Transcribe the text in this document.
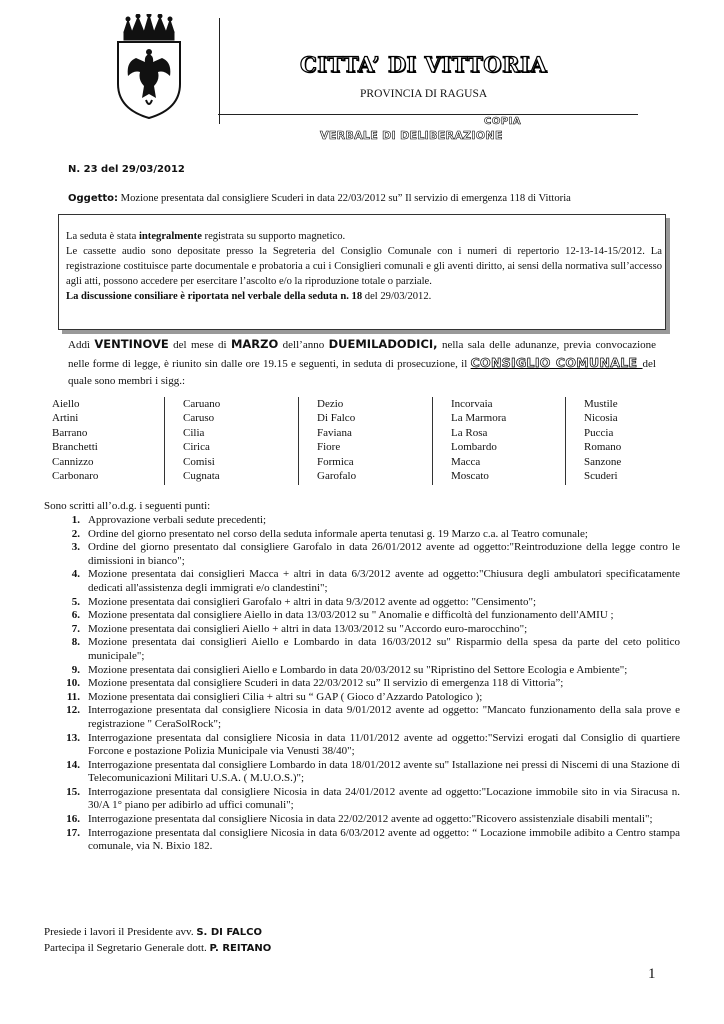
CITTA’ DI VITTORIA
PROVINCIA DI RAGUSA
COPIA
VERBALE DI DELIBERAZIONE
N. 23 del 29/03/2012
Oggetto: Mozione presentata dal consigliere Scuderi in data 22/03/2012 su” Il servizio di emergenza 118 di Vittoria
La seduta è stata integralmente registrata su supporto magnetico.
Le cassette audio sono depositate presso la Segreteria del Consiglio Comunale con i numeri di repertorio 12-13-14-15/2012. La registrazione costituisce parte documentale e probatoria a cui i Consiglieri comunali e gli aventi diritto, ai sensi della normativa sull’accesso agli atti, possono accedere per esercitare l’ascolto e/o la riproduzione totale o parziale.
La discussione consiliare è riportata nel verbale della seduta n. 18 del 29/03/2012.
Addì VENTINOVE del mese di MARZO dell’anno DUEMILADODICI, nella sala delle adunanze, previa convocazione nelle forme di legge, è riunito sin dalle ore 19.15 e seguenti, in seduta di prosecuzione, il CONSIGLIO COMUNALE del quale sono membri i sigg.:
Aiello
Artini
Barrano
Branchetti
Cannizzo
Carbonaro
Caruano
Caruso
Cilia
Cirica
Comisi
Cugnata
Dezio
Di Falco
Faviana
Fiore
Formica
Garofalo
Incorvaia
La Marmora
La Rosa
Lombardo
Macca
Moscato
Mustile
Nicosia
Puccia
Romano
Sanzone
Scuderi
Sono scritti all’o.d.g. i seguenti punti:
1. Approvazione verbali sedute precedenti;
2. Ordine del giorno presentato nel corso della seduta informale aperta tenutasi g. 19 Marzo c.a. al Teatro comunale;
3. Ordine del giorno presentato dal consigliere Garofalo in data 26/01/2012 avente ad oggetto:"Reintroduzione della legge contro le dimissioni in bianco";
4. Mozione presentata dai consiglieri Macca + altri in data 6/3/2012 avente ad oggetto:"Chiusura degli ambulatori specificatamente dedicati all'assistenza degli immigrati e/o clandestini";
5. Mozione presentata dai consiglieri Garofalo + altri in data 9/3/2012 avente ad oggetto: "Censimento";
6. Mozione presentata dal consigliere Aiello in data 13/03/2012 su " Anomalie e difficoltà del funzionamento dell'AMIU ;
7. Mozione presentata dai consiglieri Aiello + altri in data 13/03/2012 su "Accordo euro-marocchino";
8. Mozione presentata dai consiglieri Aiello e Lombardo in data 16/03/2012 su" Risparmio della spesa da parte del ceto politico municipale";
9. Mozione presentata dai consiglieri Aiello e Lombardo in data 20/03/2012 su "Ripristino del Settore Ecologia e Ambiente";
10. Mozione presentata dal consigliere Scuderi in data 22/03/2012 su” Il servizio di emergenza 118 di Vittoria”;
11. Mozione presentata dai consiglieri Cilia + altri su “ GAP ( Gioco d’Azzardo Patologico );
12. Interrogazione presentata dal consigliere Nicosia in data 9/01/2012 avente ad oggetto: "Mancato funzionamento della sala prove e registrazione " CeraSolRock";
13. Interrogazione presentata dal consigliere Nicosia in data 11/01/2012 avente ad oggetto:"Servizi erogati dal Consiglio di quartiere Forcone e postazione Polizia Municipale via Venusti 38/40";
14. Interrogazione presentata dal consigliere Lombardo in data 18/01/2012 avente su" Istallazione nei pressi di Niscemi di una Stazione di Telecomunicazioni Militari U.S.A. ( M.U.O.S.)";
15. Interrogazione presentata dal consigliere Nicosia in data 24/01/2012 avente ad oggetto:"Locazione immobile sito in via Siracusa n. 30/A 1° piano per adibirlo ad uffici comunali";
16. Interrogazione presentata dal consigliere Nicosia in data 22/02/2012 avente ad oggetto:"Ricovero assistenziale disabili mentali";
17. Interrogazione presentata dal consigliere Nicosia in data 6/03/2012 avente ad oggetto: “ Locazione immobile adibito a Centro stampa comunale, via N. Bixio 182.
Presiede i lavori il Presidente avv. S. DI FALCO
Partecipa il Segretario Generale dott. P. REITANO
1
